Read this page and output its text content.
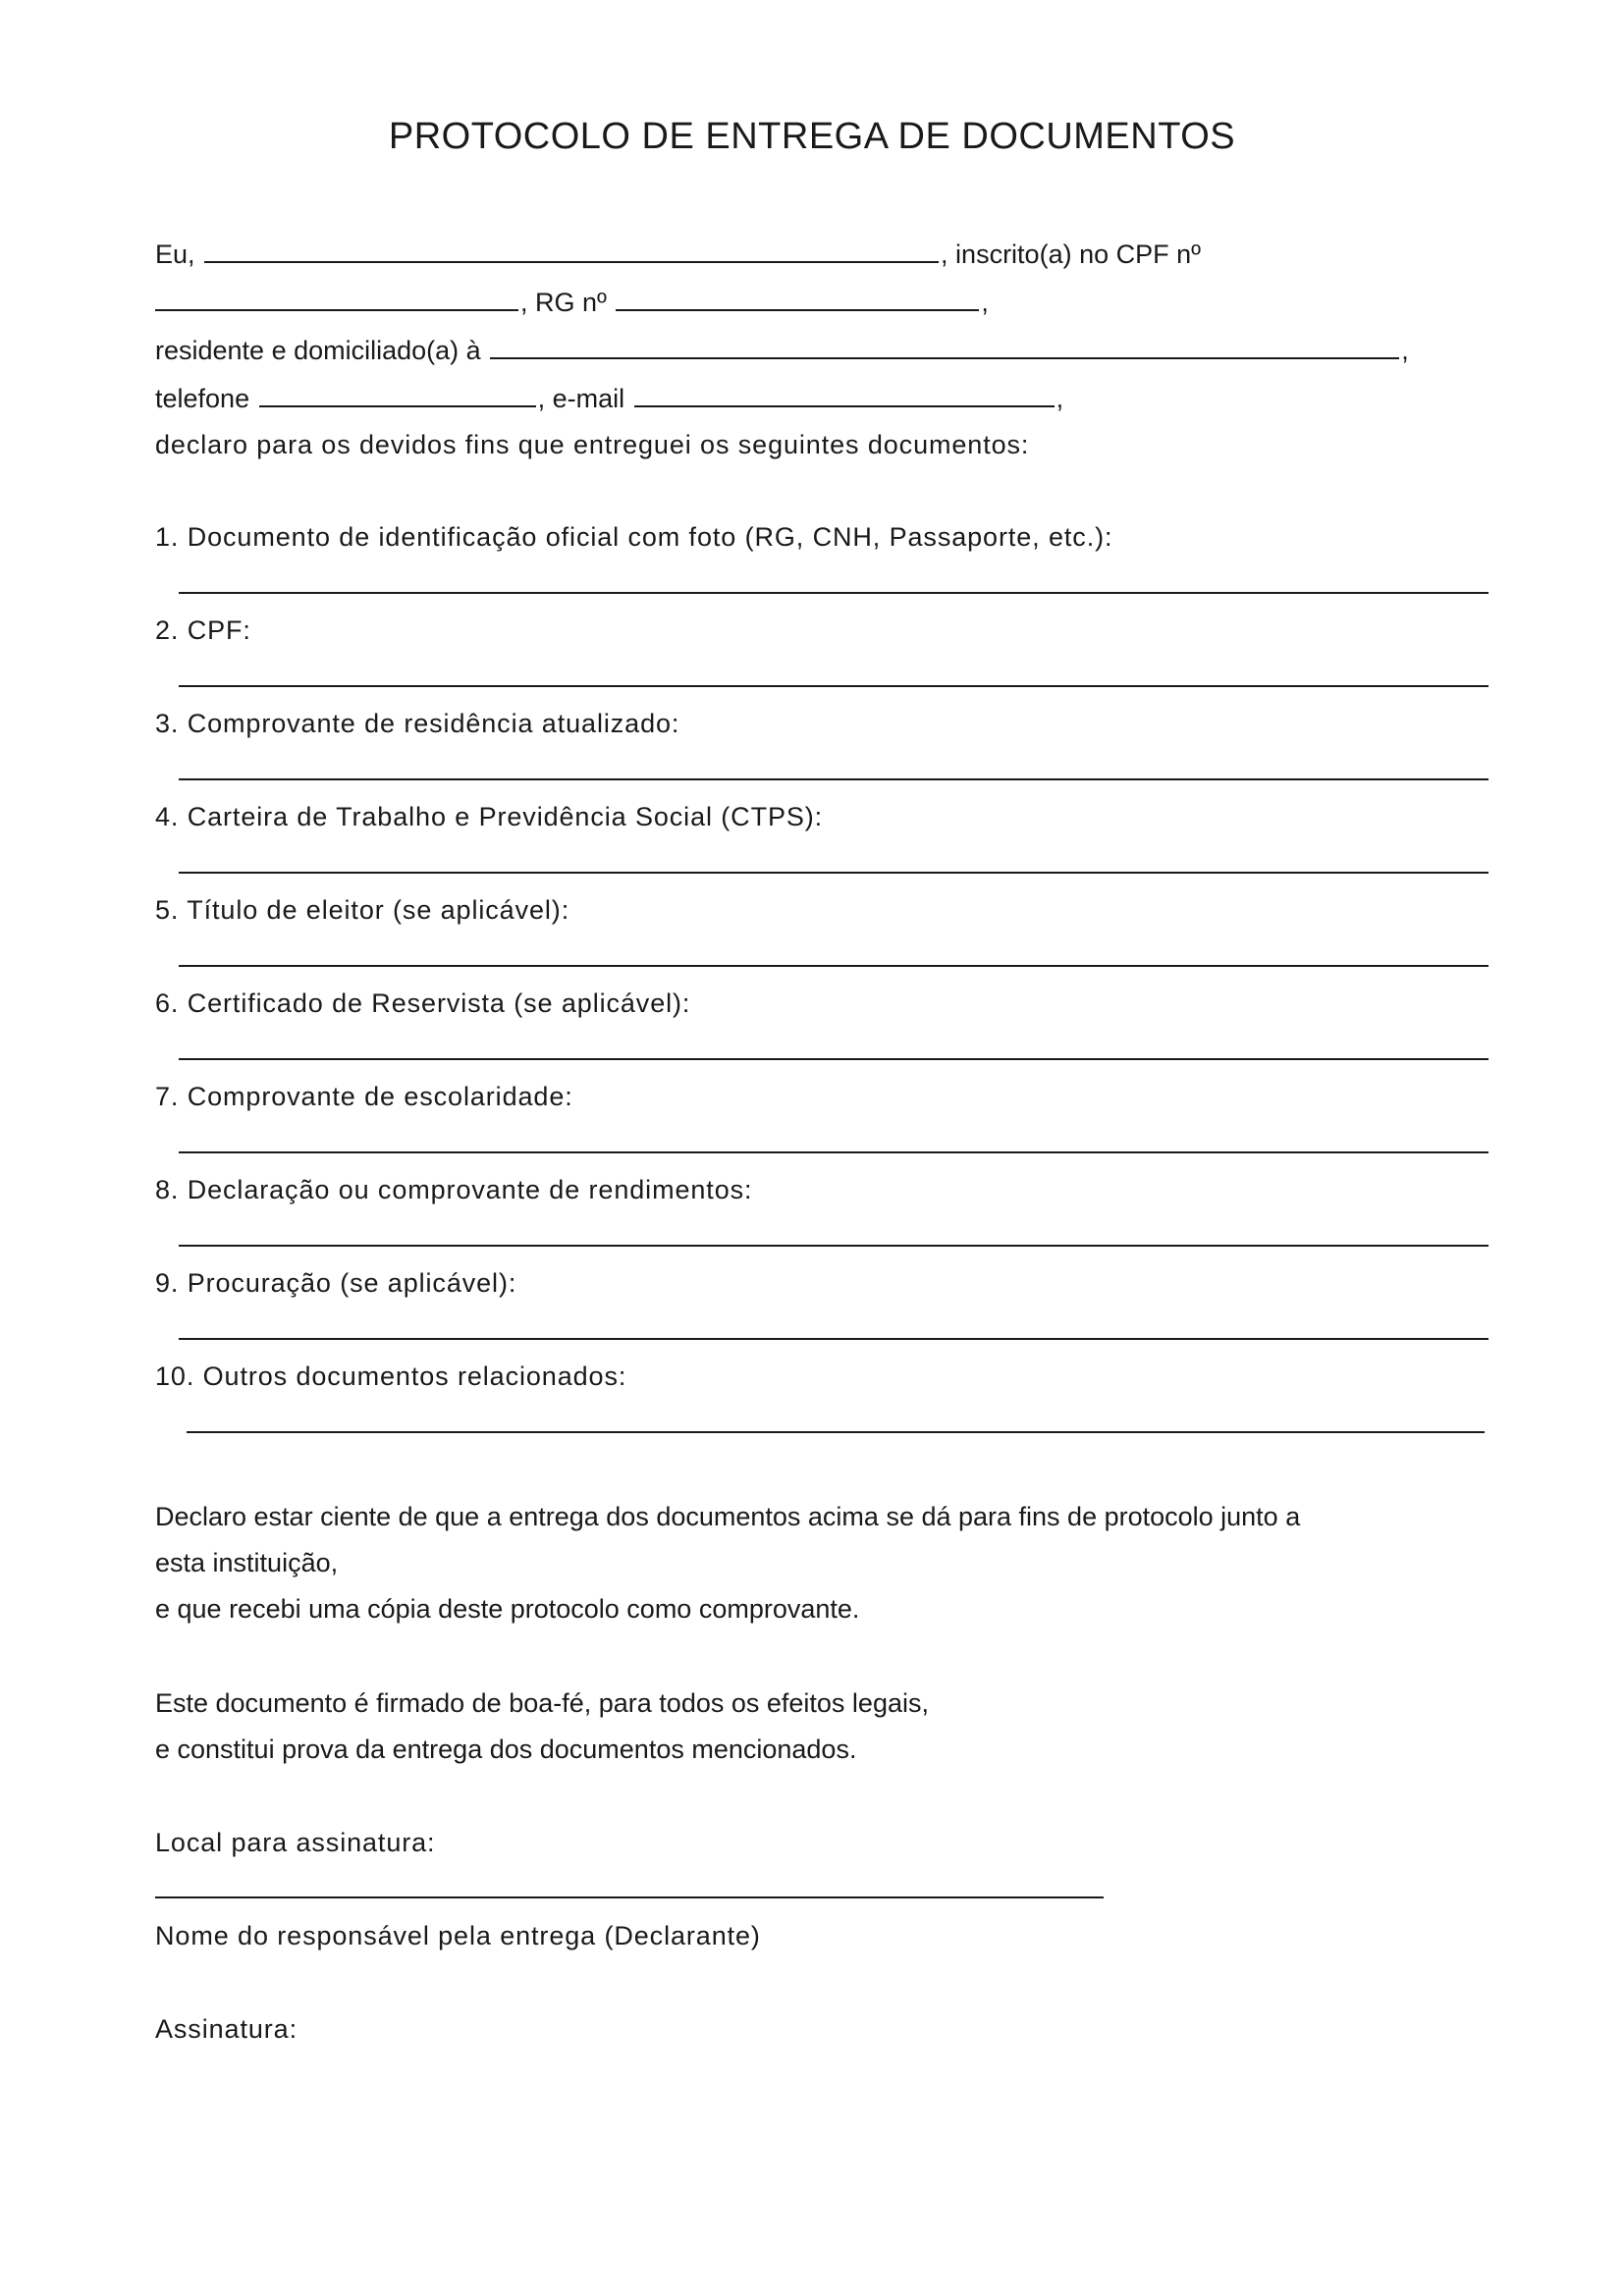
PROTOCOLO DE ENTREGA DE DOCUMENTOS
Eu,	, inscrito(a) no CPF nº
, RG nº	,
residente e domiciliado(a) à	,
telefone	, e-mail	,
declaro para os devidos fins que entreguei os seguintes documentos:
1. Documento de identificação oficial com foto (RG, CNH, Passaporte, etc.):
2. CPF:
3. Comprovante de residência atualizado:
4. Carteira de Trabalho e Previdência Social (CTPS):
5. Título de eleitor (se aplicável):
6. Certificado de Reservista (se aplicável):
7. Comprovante de escolaridade:
8. Declaração ou comprovante de rendimentos:
9. Procuração (se aplicável):
10. Outros documentos relacionados:
Declaro estar ciente de que a entrega dos documentos acima se dá para fins de protocolo junto a
esta instituição,
e que recebi uma cópia deste protocolo como comprovante.
Este documento é firmado de boa-fé, para todos os efeitos legais,
e constitui prova da entrega dos documentos mencionados.
Local para assinatura:
Nome do responsável pela entrega (Declarante)
Assinatura:
